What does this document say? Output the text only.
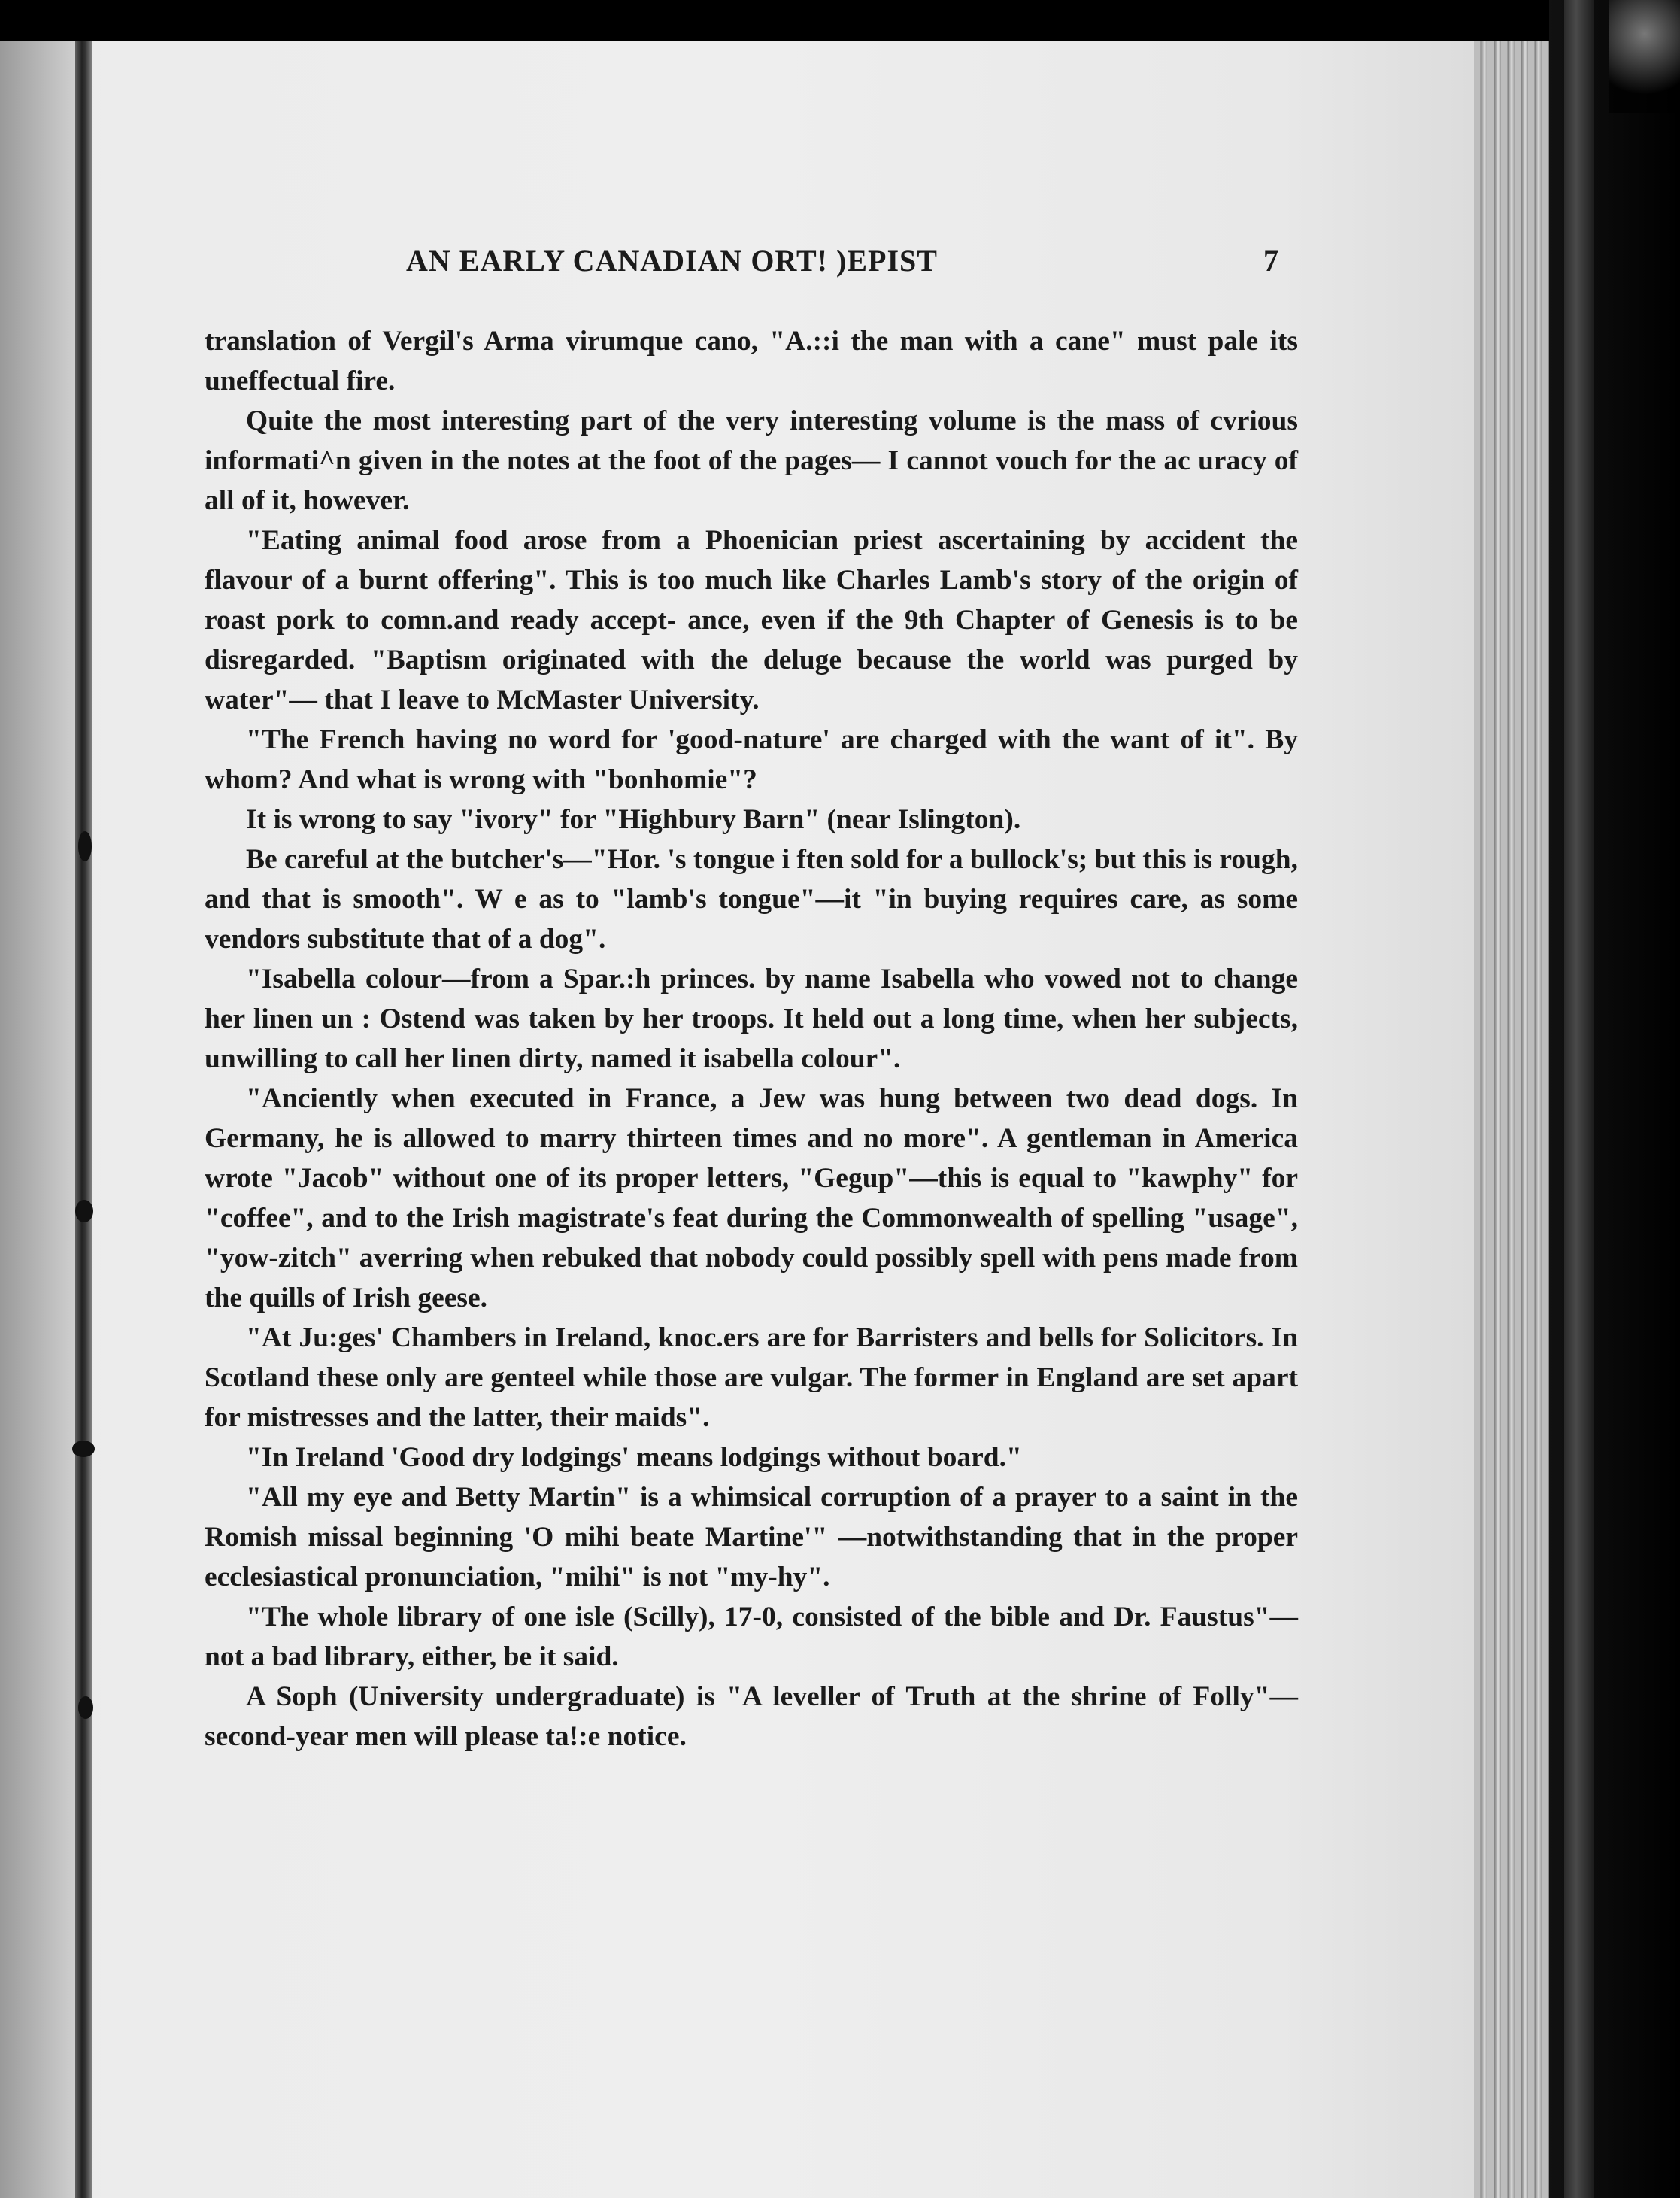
AN EARLY CANADIAN ORT! )EPIST	7

translation of Vergil's Arma virumque cano, "A.::i the man with a cane" must pale its uneffectual fire.

Quite the most interesting part of the very interesting volume is the mass of cvrious informati^n given in the notes at the foot of the pages— I cannot vouch for the ac uracy of all of it, however.

"Eating animal food arose from a Phoenician priest ascertaining by accident the flavour of a burnt offering". This is too much like Charles Lamb's story of the origin of roast pork to comn.and ready accept- ance, even if the 9th Chapter of Genesis is to be disregarded. "Baptism originated with the deluge because the world was purged by water"— that I leave to McMaster University.

"The French having no word for 'good-nature' are charged with the want of it". By whom? And what is wrong with "bonhomie"?

It is wrong to say "ivory" for "Highbury Barn" (near Islington).

Be careful at the butcher's—"Hor. 's tongue i ften sold for a bullock's; but this is rough, and that is smooth". W e as to "lamb's tongue"—it "in buying requires care, as some vendors substitute that of a dog".

"Isabella colour—from a Spar.:h princes. by name Isabella who vowed not to change her linen un : Ostend was taken by her troops. It held out a long time, when her subjects, unwilling to call her linen dirty, named it isabella colour".

"Anciently when executed in France, a Jew was hung between two dead dogs. In Germany, he is allowed to marry thirteen times and no more". A gentleman in America wrote "Jacob" without one of its proper letters, "Gegup"—this is equal to "kawphy" for "coffee", and to the Irish magistrate's feat during the Commonwealth of spelling "usage", "yow-zitch" averring when rebuked that nobody could possibly spell with pens made from the quills of Irish geese.

"At Ju:ges' Chambers in Ireland, knoc.ers are for Barristers and bells for Solicitors. In Scotland these only are genteel while those are vulgar. The former in England are set apart for mistresses and the latter, their maids".

"In Ireland 'Good dry lodgings' means lodgings without board."

"All my eye and Betty Martin" is a whimsical corruption of a prayer to a saint in the Romish missal beginning 'O mihi beate Martine'" —notwithstanding that in the proper ecclesiastical pronunciation, "mihi" is not "my-hy".

"The whole library of one isle (Scilly), 17-0, consisted of the bible and Dr. Faustus"—not a bad library, either, be it said.

A Soph (University undergraduate) is "A leveller of Truth at the shrine of Folly"—second-year men will please ta!:e notice.
